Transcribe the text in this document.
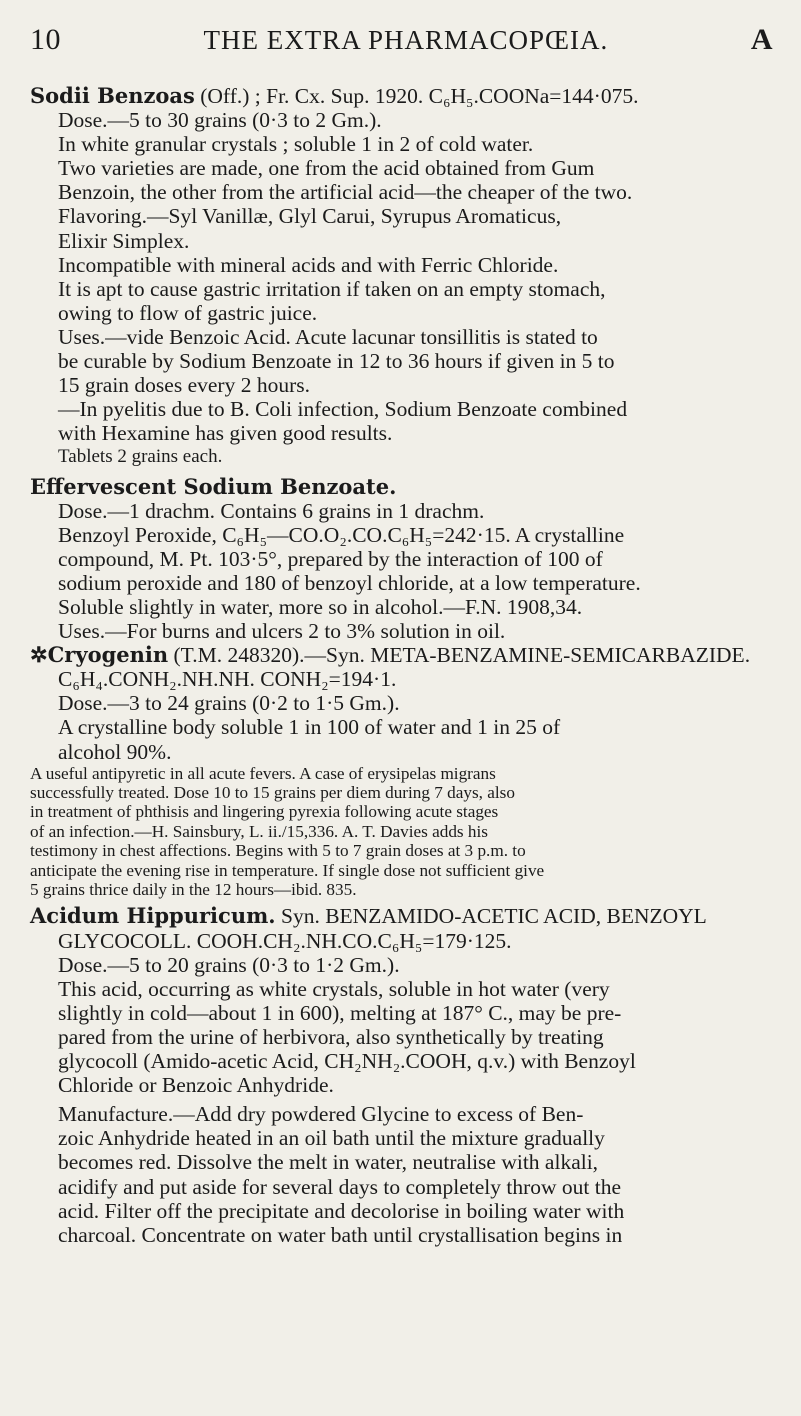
10	THE EXTRA PHARMACOPŒIA.	A

Sodii Benzoas (Off.) ; Fr. Cx. Sup. 1920. C₆H₅.COONa=144·075.

Dose.—5 to 30 grains (0·3 to 2 Gm.).

In white granular crystals ; soluble 1 in 2 of cold water.

Two varieties are made, one from the acid obtained from Gum

Benzoin, the other from the artificial acid—the cheaper of the two.

Flavoring.—Syl Vanillæ, Glyl Carui, Syrupus Aromaticus,

Elixir Simplex.

Incompatible with mineral acids and with Ferric Chloride.

It is apt to cause gastric irritation if taken on an empty stomach,

owing to flow of gastric juice.

Uses.—vide Benzoic Acid. Acute lacunar tonsillitis is stated to

be curable by Sodium Benzoate in 12 to 36 hours if given in 5 to

15 grain doses every 2 hours.

—In pyelitis due to B. Coli infection, Sodium Benzoate combined

with Hexamine has given good results.

Tablets 2 grains each.

Effervescent Sodium Benzoate.

Dose.—1 drachm. Contains 6 grains in 1 drachm.

Benzoyl Peroxide, C₆H₅—CO.O₂.CO.C₆H₅=242·15. A crystalline

compound, M. Pt. 103·5°, prepared by the interaction of 100 of

sodium peroxide and 180 of benzoyl chloride, at a low temperature.

Soluble slightly in water, more so in alcohol.—F.N. 1908,34.

Uses.—For burns and ulcers 2 to 3% solution in oil.

✲Cryogenin (T.M. 248320).—Syn. META-BENZAMINE-SEMICARBAZIDE.

C₆H₄.CONH₂.NH.NH. CONH₂=194·1.

Dose.—3 to 24 grains (0·2 to 1·5 Gm.).

A crystalline body soluble 1 in 100 of water and 1 in 25 of

alcohol 90%.

A useful antipyretic in all acute fevers. A case of erysipelas migrans

successfully treated. Dose 10 to 15 grains per diem during 7 days, also

in treatment of phthisis and lingering pyrexia following acute stages

of an infection.—H. Sainsbury, L. ii./15,336. A. T. Davies adds his

testimony in chest affections. Begins with 5 to 7 grain doses at 3 p.m. to

anticipate the evening rise in temperature. If single dose not sufficient give

5 grains thrice daily in the 12 hours—ibid. 835.

Acidum Hippuricum. Syn. BENZAMIDO-ACETIC ACID, BENZOYL

GLYCOCOLL. COOH.CH₂.NH.CO.C₆H₅=179·125.

Dose.—5 to 20 grains (0·3 to 1·2 Gm.).

This acid, occurring as white crystals, soluble in hot water (very

slightly in cold—about 1 in 600), melting at 187° C., may be pre-

pared from the urine of herbivora, also synthetically by treating

glycocoll (Amido-acetic Acid, CH₂NH₂.COOH, q.v.) with Benzoyl

Chloride or Benzoic Anhydride.

Manufacture.—Add dry powdered Glycine to excess of Ben-

zoic Anhydride heated in an oil bath until the mixture gradually

becomes red. Dissolve the melt in water, neutralise with alkali,

acidify and put aside for several days to completely throw out the

acid. Filter off the precipitate and decolorise in boiling water with

charcoal. Concentrate on water bath until crystallisation begins in
